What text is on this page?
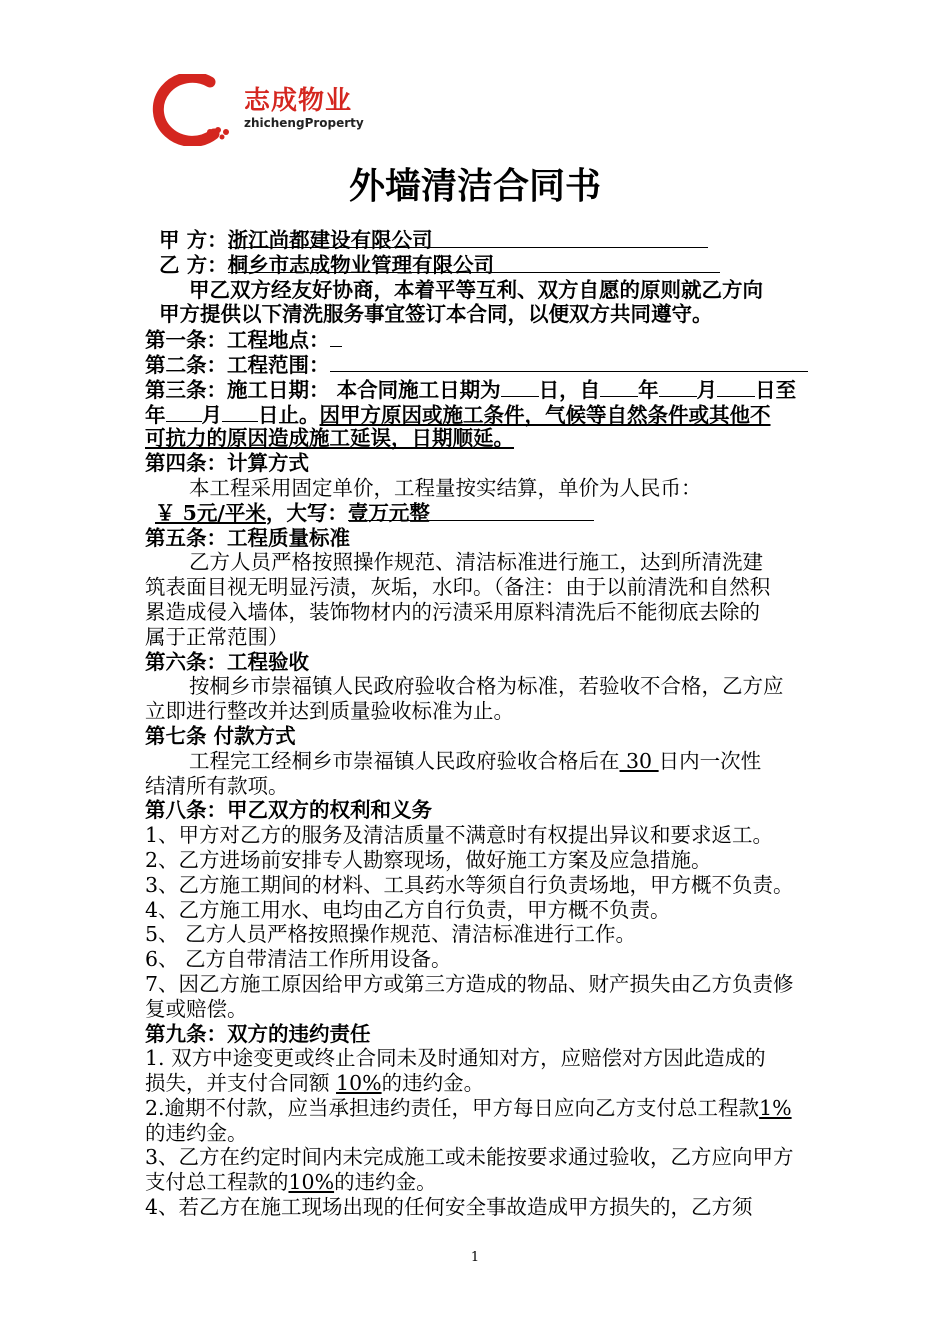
志成物业
zhichengProperty
外墙清洁合同书
甲 方：浙江尚都建设有限公司
乙 方：桐乡市志成物业管理有限公司
甲乙双方经友好协商，本着平等互利、双方自愿的原则就乙方向
甲方提供以下清洗服务事宜签订本合同，以便双方共同遵守。
第一条：工程地点：
第二条：工程范围：
第三条：施工日期： 本合同施工日期为 日，自 年 月 日至
年 月 日止。因甲方原因或施工条件，气候等自然条件或其他不
可抗力的原因造成施工延误，日期顺延。
第四条：计算方式
本工程采用固定单价，工程量按实结算，单价为人民币：
￥ 5元/平米，大写：壹万元整
第五条：工程质量标准
乙方人员严格按照操作规范、清洁标准进行施工，达到所清洗建
筑表面目视无明显污渍，灰垢，水印。（备注：由于以前清洗和自然积
累造成侵入墙体，装饰物材内的污渍采用原料清洗后不能彻底去除的
属于正常范围）
第六条：工程验收
按桐乡市崇福镇人民政府验收合格为标准，若验收不合格，乙方应
立即进行整改并达到质量验收标准为止。
第七条 付款方式
工程完工经桐乡市崇福镇人民政府验收合格后在 30 日内一次性
结清所有款项。
第八条：甲乙双方的权利和义务
1、甲方对乙方的服务及清洁质量不满意时有权提出异议和要求返工。
2、乙方进场前安排专人勘察现场，做好施工方案及应急措施。
3、乙方施工期间的材料、工具药水等须自行负责场地，甲方概不负责。
4、乙方施工用水、电均由乙方自行负责，甲方概不负责。
5、 乙方人员严格按照操作规范、清洁标准进行工作。
6、 乙方自带清洁工作所用设备。
7、因乙方施工原因给甲方或第三方造成的物品、财产损失由乙方负责修
复或赔偿。
第九条：双方的违约责任
1. 双方中途变更或终止合同未及时通知对方，应赔偿对方因此造成的
损失，并支付合同额 10%的违约金。
2.逾期不付款，应当承担违约责任，甲方每日应向乙方支付总工程款1%
的违约金。
3、乙方在约定时间内未完成施工或未能按要求通过验收，乙方应向甲方
支付总工程款的10%的违约金。
4、若乙方在施工现场出现的任何安全事故造成甲方损失的，乙方须
1
